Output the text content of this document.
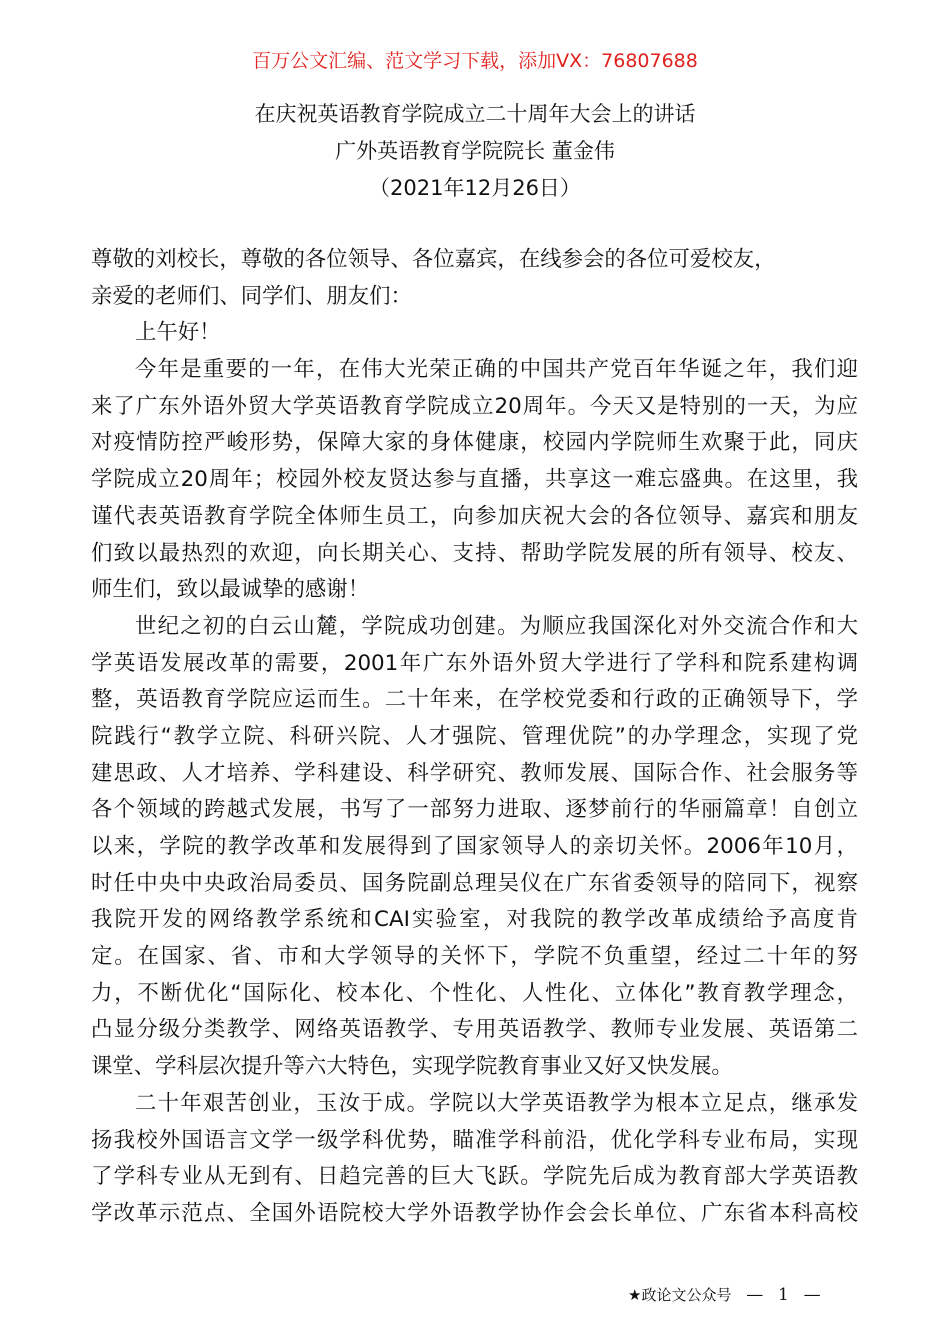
百万公文汇编、范文学习下载，添加VX：76807688
在庆祝英语教育学院成立二十周年大会上的讲话
广外英语教育学院院长 董金伟
（2021年12月26日）
尊敬的刘校长，尊敬的各位领导、各位嘉宾，在线参会的各位可爱校友，
亲爱的老师们、同学们、朋友们：
上午好！
今年是重要的一年，在伟大光荣正确的中国共产党百年华诞之年，我们迎
来了广东外语外贸大学英语教育学院成立20周年。今天又是特别的一天，为应
对疫情防控严峻形势，保障大家的身体健康，校园内学院师生欢聚于此，同庆
学院成立20周年；校园外校友贤达参与直播，共享这一难忘盛典。在这里，我
谨代表英语教育学院全体师生员工，向参加庆祝大会的各位领导、嘉宾和朋友
们致以最热烈的欢迎，向长期关心、支持、帮助学院发展的所有领导、校友、
师生们，致以最诚挚的感谢！
世纪之初的白云山麓，学院成功创建。为顺应我国深化对外交流合作和大
学英语发展改革的需要，2001年广东外语外贸大学进行了学科和院系建构调
整，英语教育学院应运而生。二十年来，在学校党委和行政的正确领导下，学
院践行“教学立院、科研兴院、人才强院、管理优院”的办学理念，实现了党
建思政、人才培养、学科建设、科学研究、教师发展、国际合作、社会服务等
各个领域的跨越式发展，书写了一部努力进取、逐梦前行的华丽篇章！自创立
以来，学院的教学改革和发展得到了国家领导人的亲切关怀。2006年10月，
时任中央中央政治局委员、国务院副总理吴仪在广东省委领导的陪同下，视察
我院开发的网络教学系统和CAI实验室，对我院的教学改革成绩给予高度肯
定。在国家、省、市和大学领导的关怀下，学院不负重望，经过二十年的努
力，不断优化“国际化、校本化、个性化、人性化、立体化”教育教学理念，
凸显分级分类教学、网络英语教学、专用英语教学、教师专业发展、英语第二
课堂、学科层次提升等六大特色，实现学院教育事业又好又快发展。
二十年艰苦创业，玉汝于成。学院以大学英语教学为根本立足点，继承发
扬我校外国语言文学一级学科优势，瞄准学科前沿，优化学科专业布局，实现
了学科专业从无到有、日趋完善的巨大飞跃。学院先后成为教育部大学英语教
学改革示范点、全国外语院校大学外语教学协作会会长单位、广东省本科高校
★政论文公众号 — 1 —
